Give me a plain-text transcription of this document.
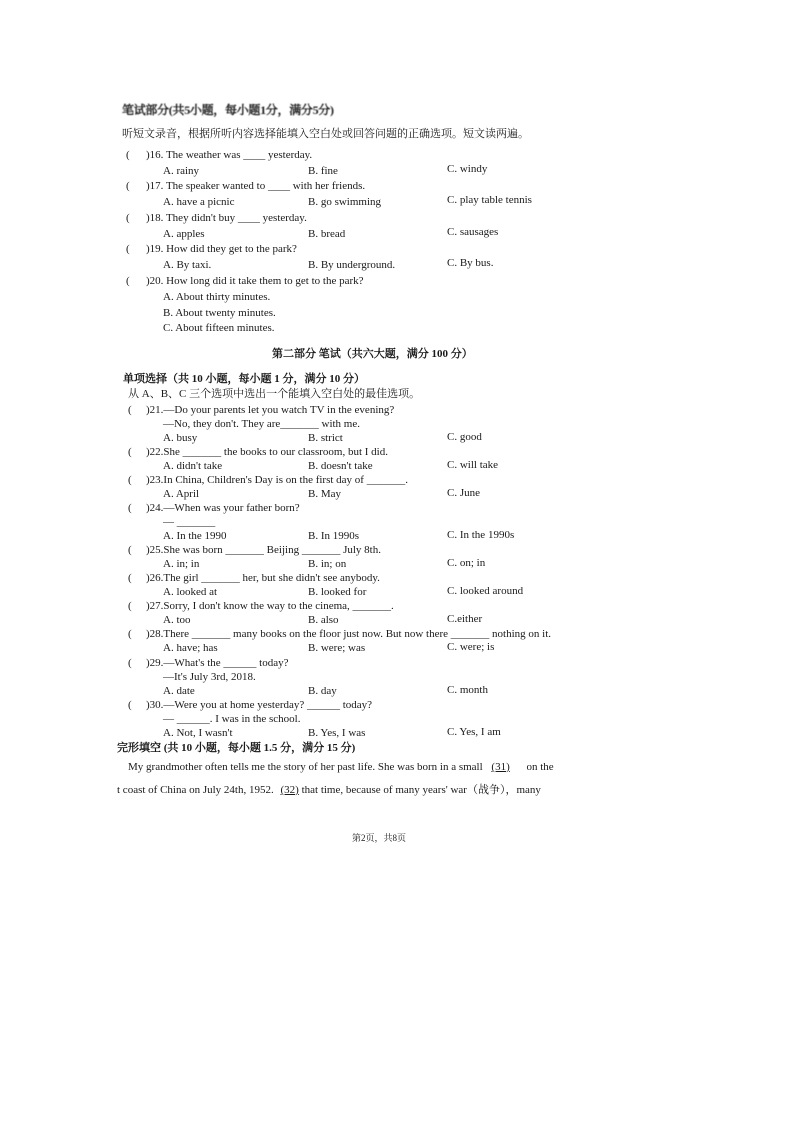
笔试部分(共5小题，每小题1分，满分5分)
听短文录音，根据所听内容选择能填入空白处或回答问题的正确选项。短文读两遍。
( )16. The weather was ____ yesterday.
A. rainy	B. fine	C. windy
( )17. The speaker wanted to ____ with her friends.
A. have a picnic	B. go swimming	C. play table tennis
( )18. They didn't buy ____ yesterday.
A. apples	B. bread	C. sausages
( )19. How did they get to the park?
A. By taxi.	B. By underground.	C. By bus.
( )20. How long did it take them to get to the park?
A. About thirty minutes.
B. About twenty minutes.
C. About fifteen minutes.
第二部分 笔试（共六大题，满分 100 分）
单项选择（共 10 小题，每小题 1 分，满分 10 分）
从 A、B、C 三个选项中选出一个能填入空白处的最佳选项。
( )21.—Do your parents let you watch TV in the evening?
—No, they don't. They are_______ with me.
A. busy	B. strict	C. good
( )22.She _______ the books to our classroom, but I did.
A. didn't take	B. doesn't take	C. will take
( )23.In China, Children's Day is on the first day of _______.
A. April	B. May	C. June
( )24.—When was your father born?
— _______
A. In the 1990	B. In 1990s	C. In the 1990s
( )25.She was born _______ Beijing _______ July 8th.
A. in; in	B. in; on	C. on; in
( )26.The girl _______ her, but she didn't see anybody.
A. looked at	B. looked for	C. looked around
( )27.Sorry, I don't know the way to the cinema, _______.
A. too	B. also	C.either
( )28.There _______ many books on the floor just now. But now there _______ nothing on it.
A. have; has	B. were; was	C. were; is
( )29.—What's the ______ today?
—It's July 3rd, 2018.
A. date	B. day	C. month
( )30.—Were you at home yesterday? ______ today?
— ______. I was in the school.
A. Not, I wasn't	B. Yes, I was	C. Yes, I am
完形填空 (共 10 小题，每小题 1.5 分，满分 15 分)
My grandmother often tells me the story of her past life. She was born in a small (31) on the
t coast of China on July 24th, 1952. (32) that time, because of many years' war（战争），many
第2页，共8页
